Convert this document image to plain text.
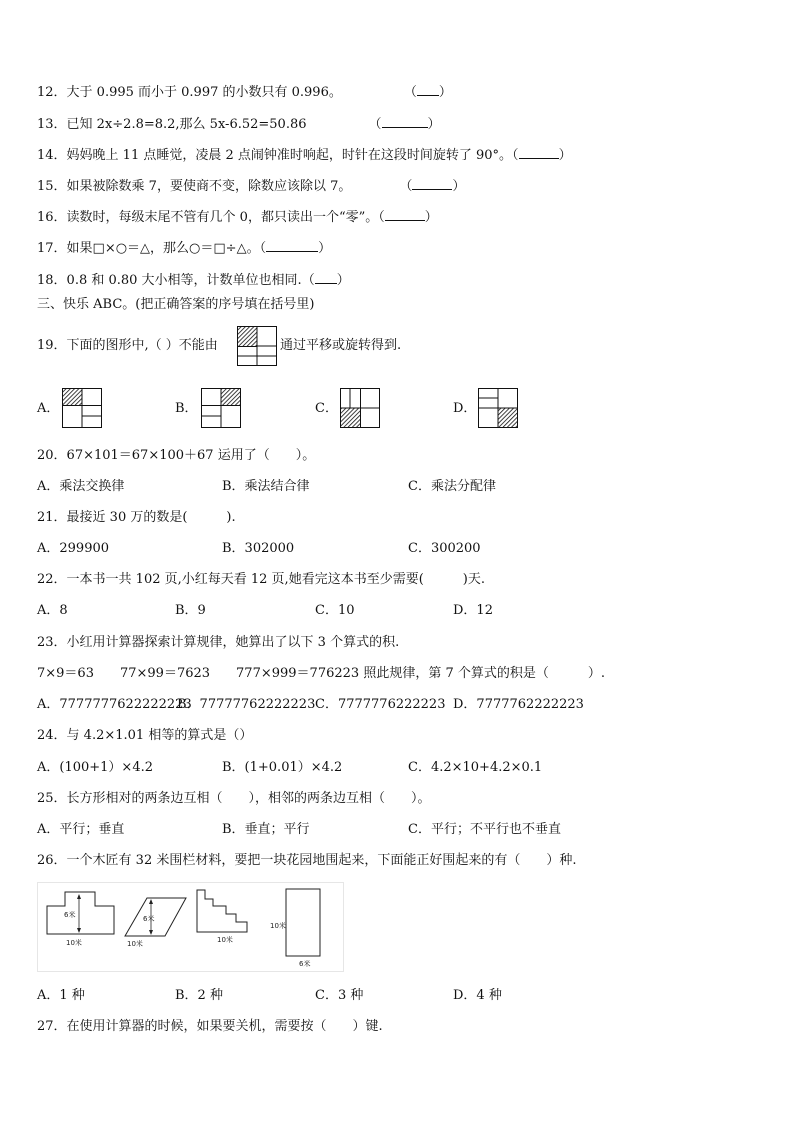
12．大于 0.995 而小于 0.997 的小数只有 0.996。	（ ）
13．已知 2x÷2.8=8.2,那么 5x-6.52=50.86	（	）
14．妈妈晚上 11 点睡觉，凌晨 2 点闹钟准时响起，时针在这段时间旋转了 90°。（	）
15．如果被除数乘 7，要使商不变，除数应该除以 7。	（	）
16．读数时，每级末尾不管有几个 0，都只读出一个“零”。（	）
17．如果□×○＝△，那么○＝□÷△。（	）
18．0.8 和 0.80 大小相等，计数单位也相同.（ ）
三、快乐 ABC。(把正确答案的序号填在括号里)
19．下面的图形中,（ ）不能由	通过平移或旋转得到.
A．	B．	C．	D．
20．67×101＝67×100＋67 运用了（　　）。
A．乘法交换律	B．乘法结合律	C．乘法分配律
21．最接近 30 万的数是(　　　).
A．299900	B．302000	C．300200
22．一本书一共 102 页,小红每天看 12 页,她看完这本书至少需要(　　　)天.
A．8	B．9	C．10	D．12
23．小红用计算器探索计算规律，她算出了以下 3 个算式的积.
7×9＝63　　77×99＝7623　　777×999＝776223 照此规律，第 7 个算式的积是（　　　）.
A．7777777622222223
B．77777762222223 C．7777776222223 D．7777762222223
24．与 4.2×1.01 相等的算式是（）
A．(100+1）×4.2	B．(1+0.01）×4.2	C．4.2×10+4.2×0.1
25．长方形相对的两条边互相（　　），相邻的两条边互相（　　）。
A．平行；垂直	B．垂直；平行	C．平行；不平行也不垂直
26．一个木匠有 32 米围栏材料，要把一块花园地围起来，下面能正好围起来的有（　　）种.
6米
10米
6米
10米	10米
10米
6米
A．1 种	B．2 种	C．3 种	D．4 种
27．在使用计算器的时候，如果要关机，需要按（　　）键.
